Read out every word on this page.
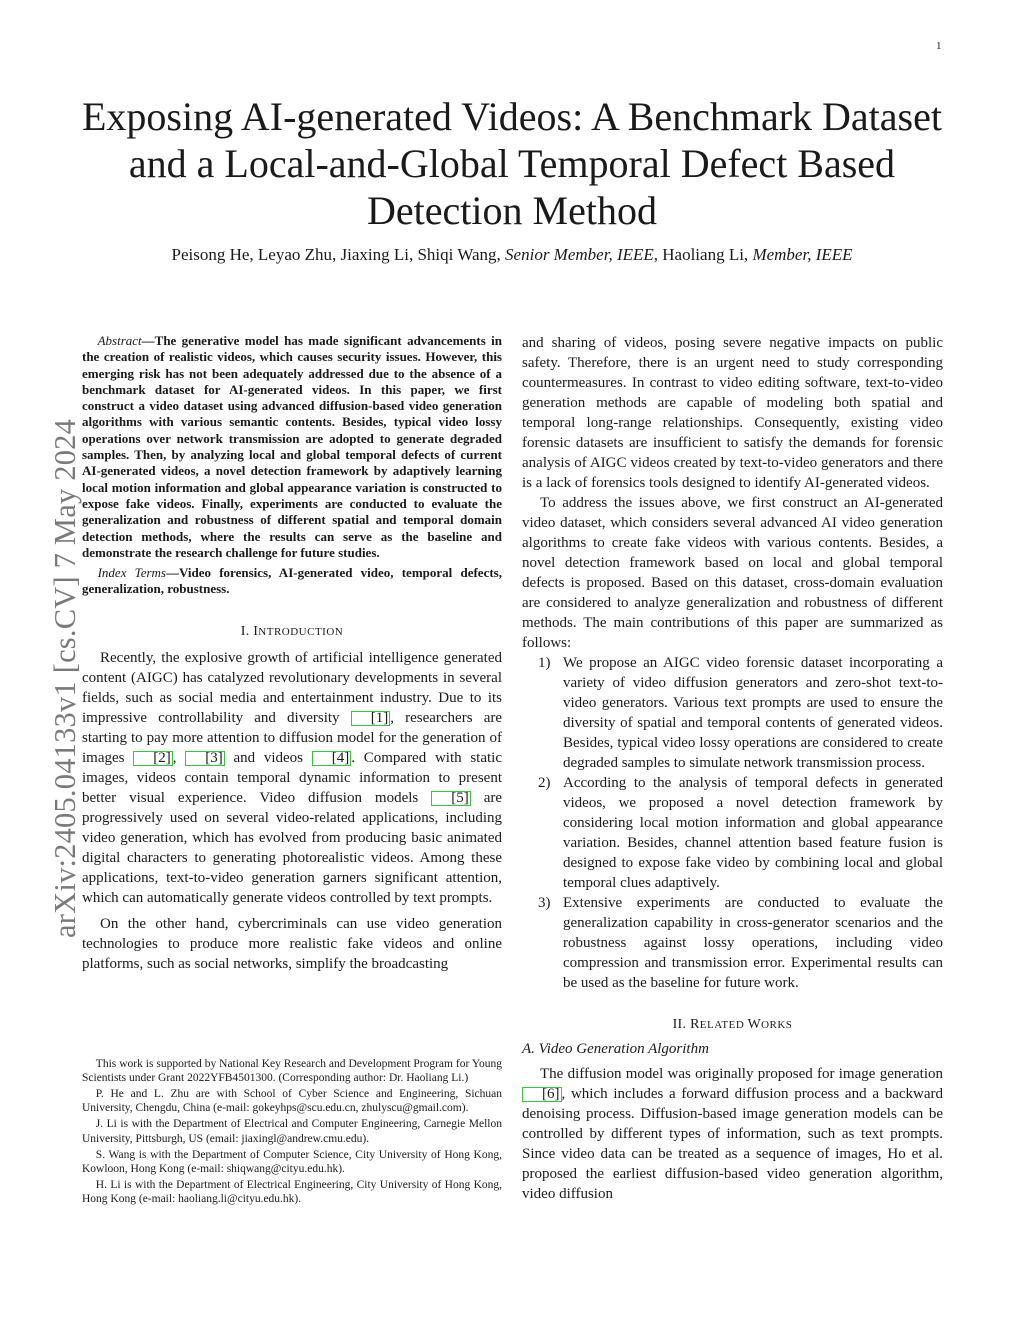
1
arXiv:2405.04133v1 [cs.CV] 7 May 2024
Exposing AI-generated Videos: A Benchmark Dataset and a Local-and-Global Temporal Defect Based Detection Method
Peisong He, Leyao Zhu, Jiaxing Li, Shiqi Wang, Senior Member, IEEE, Haoliang Li, Member, IEEE

Abstract—The generative model has made significant advancements in the creation of realistic videos, which causes security issues. However, this emerging risk has not been adequately addressed due to the absence of a benchmark dataset for AI-generated videos. In this paper, we first construct a video dataset using advanced diffusion-based video generation algorithms with various semantic contents. Besides, typical video lossy operations over network transmission are adopted to generate degraded samples. Then, by analyzing local and global temporal defects of current AI-generated videos, a novel detection framework by adaptively learning local motion information and global appearance variation is constructed to expose fake videos. Finally, experiments are conducted to evaluate the generalization and robustness of different spatial and temporal domain detection methods, where the results can serve as the baseline and demonstrate the research challenge for future studies.

Index Terms—Video forensics, AI-generated video, temporal defects, generalization, robustness.

I. INTRODUCTION

Recently, the explosive growth of artificial intelligence generated content (AIGC) has catalyzed revolutionary developments in several fields, such as social media and entertainment industry. Due to its impressive controllability and diversity [1] , researchers are starting to pay more attention to diffusion model for the generation of images [2] , [3] and videos [4] . Compared with static images, videos contain temporal dynamic information to present better visual experience. Video diffusion models [5] are progressively used on several video-related applications, including video generation, which has evolved from producing basic animated digital characters to generating photorealistic videos. Among these applications, text-to-video generation garners significant attention, which can automatically generate videos controlled by text prompts.

On the other hand, cybercriminals can use video generation technologies to produce more realistic fake videos and online platforms, such as social networks, simplify the broadcasting

This work is supported by National Key Research and Development Program for Young Scientists under Grant 2022YFB4501300. (Corresponding author: Dr. Haoliang Li.)

P. He and L. Zhu are with School of Cyber Science and Engineering, Sichuan University, Chengdu, China (e-mail: gokeyhps@scu.edu.cn, zhulyscu@gmail.com).

J. Li is with the Department of Electrical and Computer Engineering, Carnegie Mellon University, Pittsburgh, US (email: jiaxingl@andrew.cmu.edu).

S. Wang is with the Department of Computer Science, City University of Hong Kong, Kowloon, Hong Kong (e-mail: shiqwang@cityu.edu.hk).

H. Li is with the Department of Electrical Engineering, City University of Hong Kong, Hong Kong (e-mail: haoliang.li@cityu.edu.hk).

and sharing of videos, posing severe negative impacts on public safety. Therefore, there is an urgent need to study corresponding countermeasures. In contrast to video editing software, text-to-video generation methods are capable of modeling both spatial and temporal long-range relationships. Consequently, existing video forensic datasets are insufficient to satisfy the demands for forensic analysis of AIGC videos created by text-to-video generators and there is a lack of forensics tools designed to identify AI-generated videos.

To address the issues above, we first construct an AI-generated video dataset, which considers several advanced AI video generation algorithms to create fake videos with various contents. Besides, a novel detection framework based on local and global temporal defects is proposed. Based on this dataset, cross-domain evaluation are considered to analyze generalization and robustness of different methods. The main contributions of this paper are summarized as follows:

1) We propose an AIGC video forensic dataset incorporating a variety of video diffusion generators and zero-shot text-to-video generators. Various text prompts are used to ensure the diversity of spatial and temporal contents of generated videos. Besides, typical video lossy operations are considered to create degraded samples to simulate network transmission process.
2) According to the analysis of temporal defects in generated videos, we proposed a novel detection framework by considering local motion information and global appearance variation. Besides, channel attention based feature fusion is designed to expose fake video by combining local and global temporal clues adaptively.
3) Extensive experiments are conducted to evaluate the generalization capability in cross-generator scenarios and the robustness against lossy operations, including video compression and transmission error. Experimental results can be used as the baseline for future work.
II. RELATED WORKS
A. Video Generation Algorithm

The diffusion model was originally proposed for image generation [6] , which includes a forward diffusion process and a backward denoising process. Diffusion-based image generation models can be controlled by different types of information, such as text prompts. Since video data can be treated as a sequence of images, Ho et al. proposed the earliest diffusion-based video generation algorithm, video diffusion
